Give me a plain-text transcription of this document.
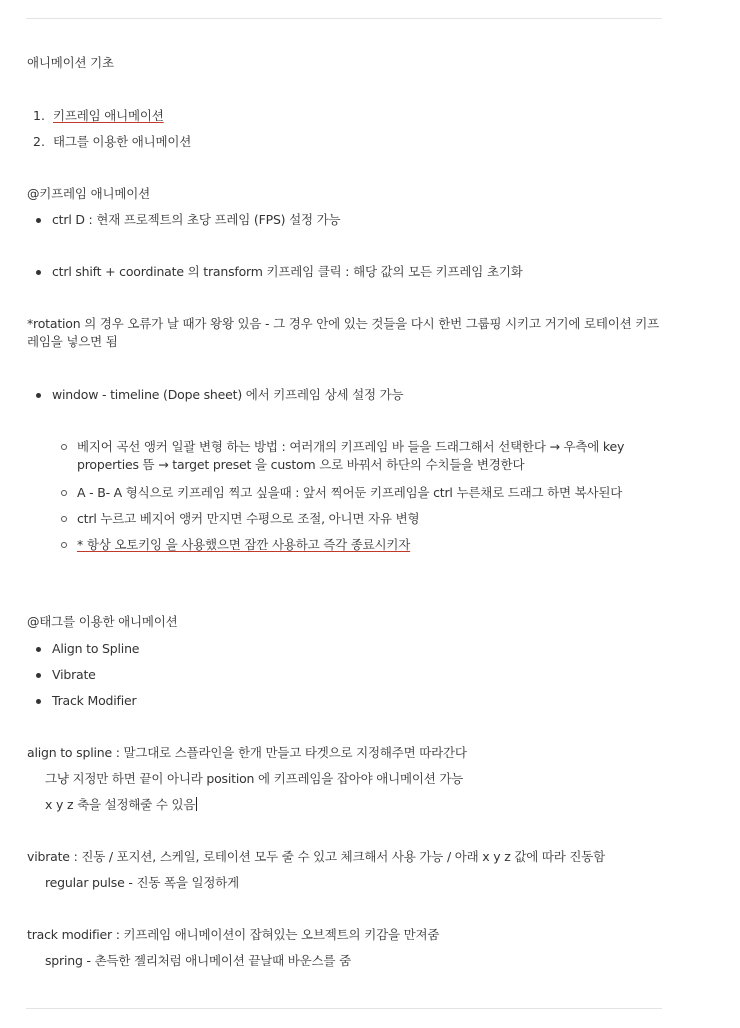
애니메이션 기초
1. 키프레임 애니메이션
2. 태그를 이용한 애니메이션
@키프레임 애니메이션
ctrl D : 현재 프로젝트의 초당 프레임 (FPS) 설정 가능
ctrl shift + coordinate 의 transform 키프레임 클릭 : 해당 값의 모든 키프레임 초기화
*rotation 의 경우 오류가 날 때가 왕왕 있음 - 그 경우 안에 있는 것들을 다시 한번 그룹핑 시키고 거기에 로테이션 키프레임을 넣으면 됨
window - timeline (Dope sheet) 에서 키프레임 상세 설정 가능
베지어 곡선 앵커 일괄 변형 하는 방법 : 여러개의 키프레임 바 들을 드래그해서 선택한다 → 우측에 key properties 뜸 → target preset 을 custom 으로 바꿔서 하단의 수치들을 변경한다
A - B- A 형식으로 키프레임 찍고 싶을때 : 앞서 찍어둔 키프레임을 ctrl 누른채로 드래그 하면 복사된다
ctrl 누르고 베지어 앵커 만지면 수평으로 조절, 아니면 자유 변형
* 항상 오토키잉 을 사용했으면 잠깐 사용하고 즉각 종료시키자
@태그를 이용한 애니메이션
Align to Spline
Vibrate
Track Modifier
align to spline : 말그대로 스플라인을 한개 만들고 타겟으로 지정해주면 따라간다
그냥 지정만 하면 끝이 아니라 position 에 키프레임을 잡아야 애니메이션 가능
x y z 축을 설정해줄 수 있음
vibrate : 진동 / 포지션, 스케일, 로테이션 모두 줄 수 있고 체크해서 사용 가능 / 아래 x y z 값에 따라 진동함
regular pulse - 진동 폭을 일정하게
track modifier : 키프레임 애니메이션이 잡혀있는 오브젝트의 키감을 만져줌
spring - 촌득한 젤리처럼 애니메이션 끝날때 바운스를 줌
